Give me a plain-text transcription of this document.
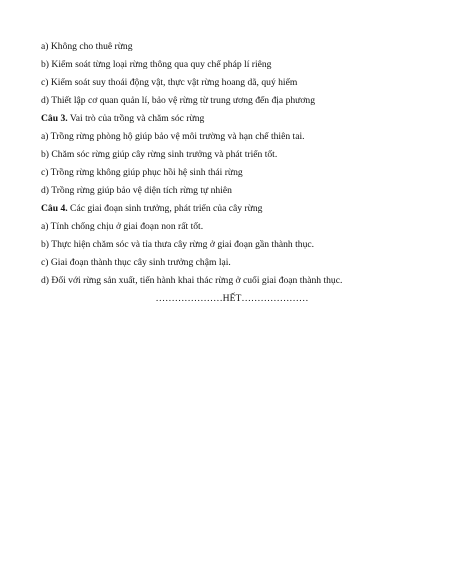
a) Không cho thuê rừng
b) Kiểm soát từng loại rừng thông qua quy chế pháp lí riêng
c) Kiểm soát suy thoái động vật, thực vật rừng hoang dã, quý hiếm
d) Thiết lập cơ quan quản lí, bảo vệ rừng từ trung ương đến địa phương
Câu 3. Vai trò của trồng và chăm sóc rừng
a) Trồng rừng phòng hộ giúp bảo vệ môi trường và hạn chế thiên tai.
b) Chăm sóc rừng giúp cây rừng sinh trưởng và phát triển tốt.
c) Trồng rừng không giúp phục hồi hệ sinh thái rừng
d) Trồng rừng giúp bảo vệ diện tích rừng tự nhiên
Câu 4. Các giai đoạn sinh trưởng, phát triển của cây rừng
a) Tính chống chịu ở giai đoạn non rất tốt.
b) Thực hiện chăm sóc và tỉa thưa cây rừng ở giai đoạn gần thành thục.
c) Giai đoạn thành thục cây sinh trưởng chậm lại.
d) Đối với rừng sản xuất, tiến hành khai thác rừng ở cuối giai đoạn thành thục.
…………………HẾT…………………
